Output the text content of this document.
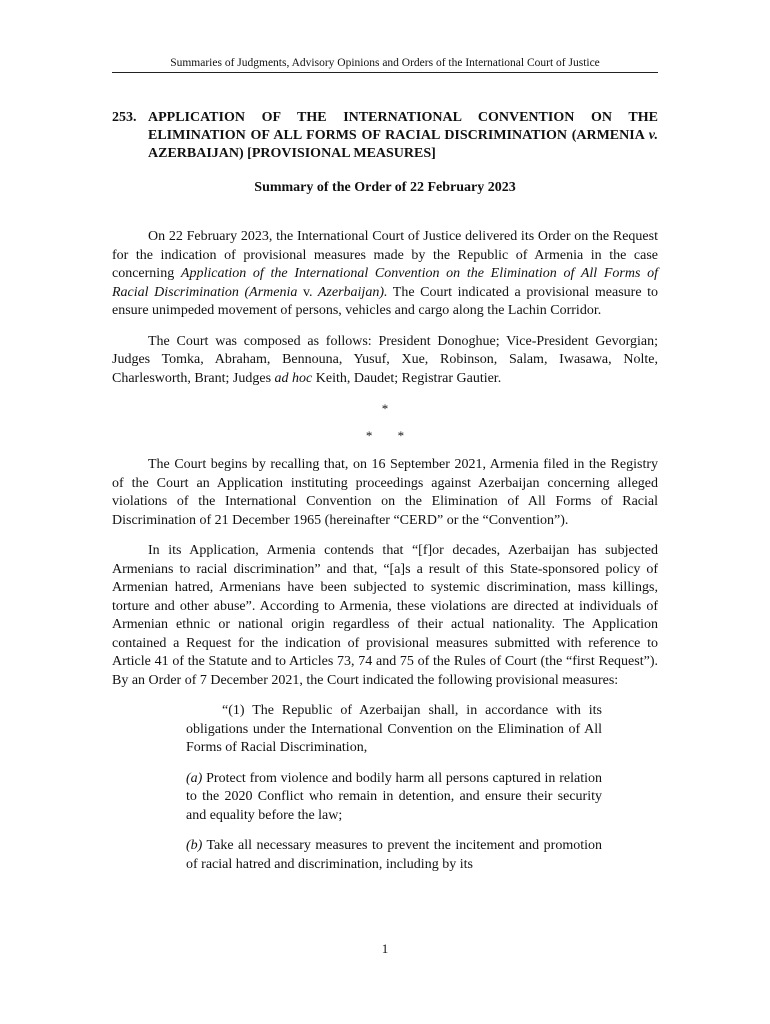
Summaries of Judgments, Advisory Opinions and Orders of the International Court of Justice
253. APPLICATION OF THE INTERNATIONAL CONVENTION ON THE ELIMINATION OF ALL FORMS OF RACIAL DISCRIMINATION (ARMENIA v. AZERBAIJAN) [PROVISIONAL MEASURES]
Summary of the Order of 22 February 2023

On 22 February 2023, the International Court of Justice delivered its Order on the Request for the indication of provisional measures made by the Republic of Armenia in the case concerning Application of the International Convention on the Elimination of All Forms of Racial Discrimination (Armenia v. Azerbaijan). The Court indicated a provisional measure to ensure unimpeded movement of persons, vehicles and cargo along the Lachin Corridor.

The Court was composed as follows: President Donoghue; Vice-President Gevorgian; Judges Tomka, Abraham, Bennouna, Yusuf, Xue, Robinson, Salam, Iwasawa, Nolte, Charlesworth, Brant; Judges ad hoc Keith, Daudet; Registrar Gautier.

*
* *

The Court begins by recalling that, on 16 September 2021, Armenia filed in the Registry of the Court an Application instituting proceedings against Azerbaijan concerning alleged violations of the International Convention on the Elimination of All Forms of Racial Discrimination of 21 December 1965 (hereinafter “CERD” or the “Convention”).

In its Application, Armenia contends that “[f]or decades, Azerbaijan has subjected Armenians to racial discrimination” and that, “[a]s a result of this State-sponsored policy of Armenian hatred, Armenians have been subjected to systemic discrimination, mass killings, torture and other abuse”. According to Armenia, these violations are directed at individuals of Armenian ethnic or national origin regardless of their actual nationality. The Application contained a Request for the indication of provisional measures submitted with reference to Article 41 of the Statute and to Articles 73, 74 and 75 of the Rules of Court (the “first Request”). By an Order of 7 December 2021, the Court indicated the following provisional measures:

“(1) The Republic of Azerbaijan shall, in accordance with its obligations under the International Convention on the Elimination of All Forms of Racial Discrimination,

(a) Protect from violence and bodily harm all persons captured in relation to the 2020 Conflict who remain in detention, and ensure their security and equality before the law;

(b) Take all necessary measures to prevent the incitement and promotion of racial hatred and discrimination, including by its

1
